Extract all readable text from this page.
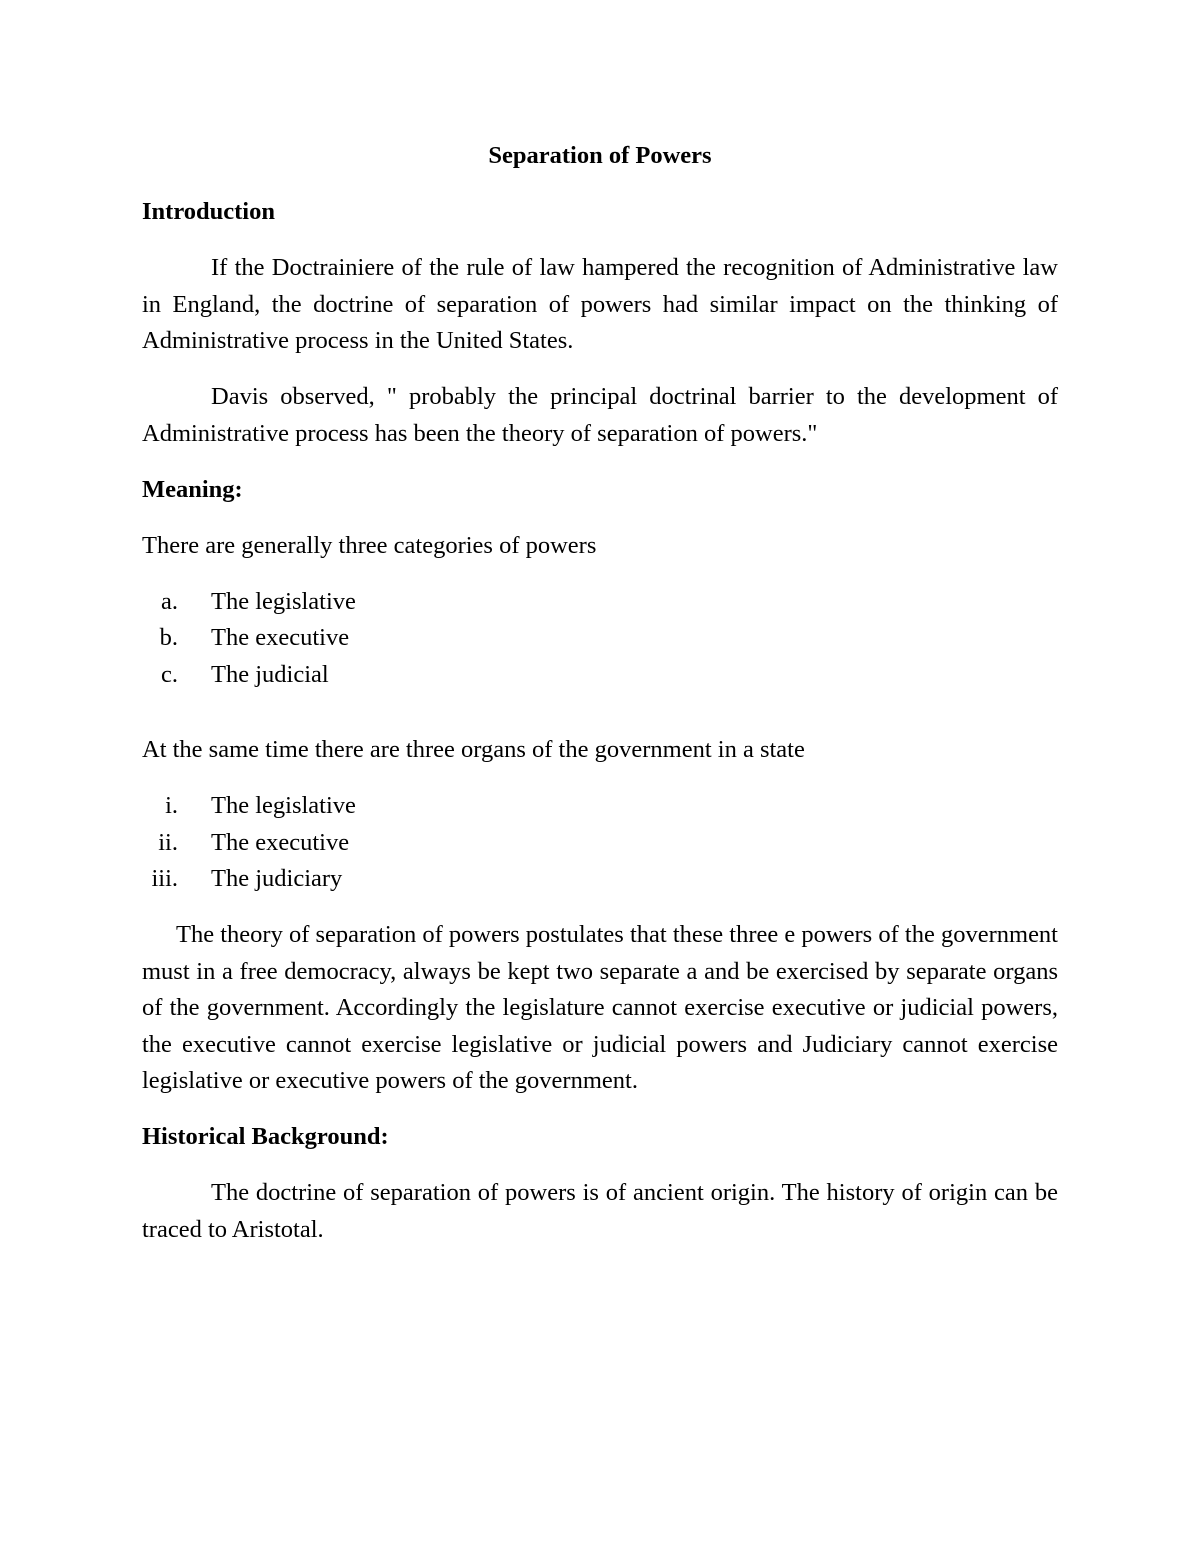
Separation of Powers
Introduction

If the Doctrainiere of the rule of law hampered the recognition of Administrative law in England, the doctrine of separation of powers had similar impact on the thinking of Administrative process in the United States.

Davis observed, " probably the principal doctrinal barrier to the development of Administrative process has been the theory of separation of powers."

Meaning:

There are generally three categories of powers

a. The legislative
b. The executive
c. The judicial

At the same time there are three organs of the government in a state

i. The legislative
ii. The executive
iii. The judiciary

The theory of separation of powers postulates that these three e powers of the government must in a free democracy, always be kept two separate a and be exercised by separate organs of the government. Accordingly the legislature cannot exercise executive or judicial powers, the executive cannot exercise legislative or judicial powers and Judiciary cannot exercise legislative or executive powers of the government.

Historical Background:

The doctrine of separation of powers is of ancient origin. The history of origin can be traced to Aristotal.
